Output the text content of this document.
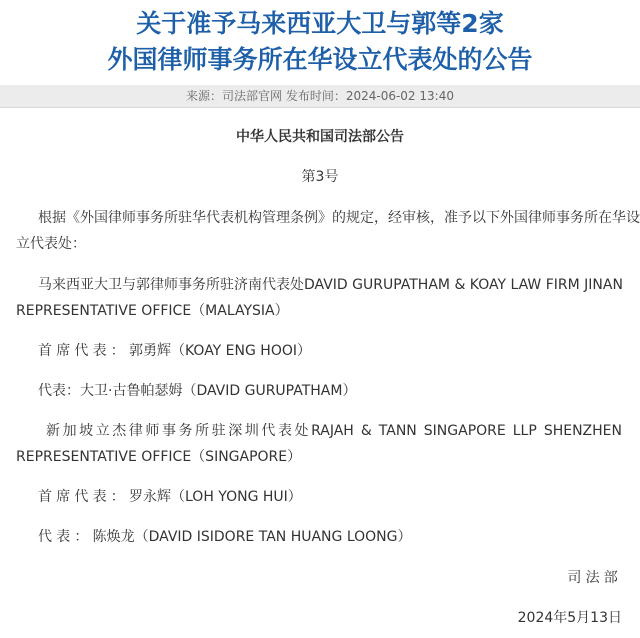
关于准予马来西亚大卫与郭等2家
外国律师事务所在华设立代表处的公告
来源：司法部官网 发布时间：2024-06-02 13:40
中华人民共和国司法部公告
第3号
根据《外国律师事务所驻华代表机构管理条例》的规定，经审核，准予以下外国律师事务所在华设
立代表处：
马来西亚大卫与郭律师事务所驻济南代表处DAVID GURUPATHAM & KOAY LAW FIRM JINAN
REPRESENTATIVE OFFICE（MALAYSIA）
首席代表：郭勇辉（KOAY ENG HOOI）
代表：大卫·古鲁帕瑟姆（DAVID GURUPATHAM）
新加坡立杰律师事务所驻深圳代表处RAJAH & TANN SINGAPORE LLP SHENZHEN
REPRESENTATIVE OFFICE（SINGAPORE）
首席代表：罗永辉（LOH YONG HUI）
代表：陈焕龙（DAVID ISIDORE TAN HUANG LOONG）
司法部
2024年5月13日
